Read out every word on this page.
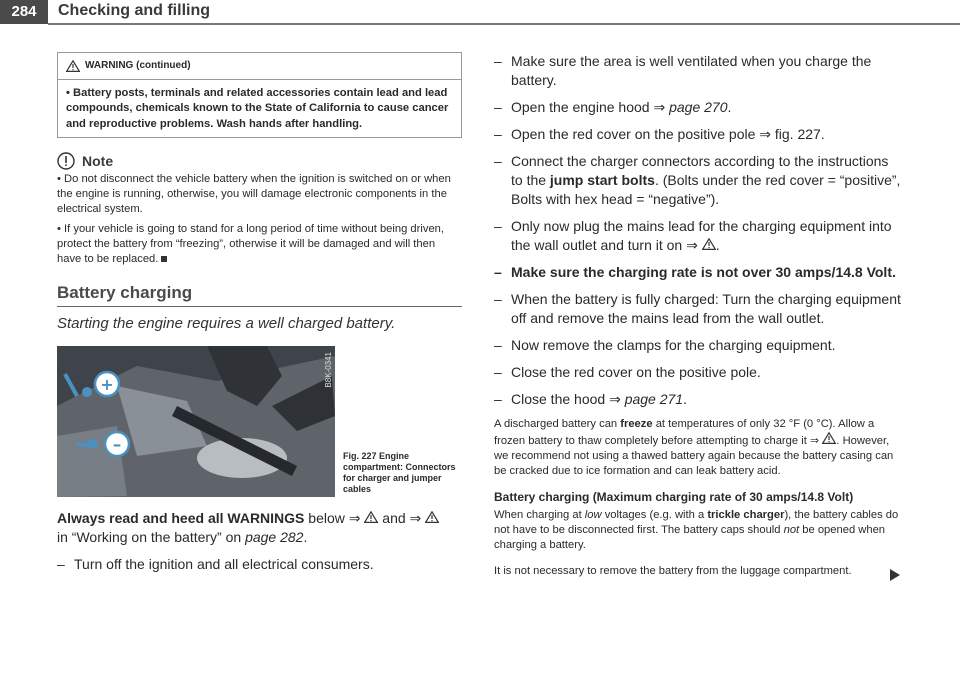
284	Checking and filling
WARNING (continued)
• Battery posts, terminals and related accessories contain lead and lead compounds, chemicals known to the State of California to cause cancer and reproductive problems. Wash hands after handling.
Note

• Do not disconnect the vehicle battery when the ignition is switched on or when the engine is running, otherwise, you will damage electronic components in the electrical system.

• If your vehicle is going to stand for a long period of time without being driven, protect the battery from “freezing”, otherwise it will be damaged and will then have to be replaced.

Battery charging
Starting the engine requires a well charged battery.
+
–
B8K-0341
Fig. 227 Engine compartment: Connectors for charger and jumper cables
Always read and heed all WARNINGS below ⇒  and ⇒
in “Working on the battery” on page 282.
– Turn off the ignition and all electrical consumers.
– Make sure the area is well ventilated when you charge the battery.
– Open the engine hood ⇒ page 270.
– Open the red cover on the positive pole ⇒ fig. 227.
– Connect the charger connectors according to the instructions to the jump start bolts. (Bolts under the red cover = “positive”, Bolts with hex head = “negative”).
– Only now plug the mains lead for the charging equipment into the wall outlet and turn it on ⇒ .
– Make sure the charging rate is not over 30 amps/14.8 Volt.
– When the battery is fully charged: Turn the charging equipment off and remove the mains lead from the wall outlet.
– Now remove the clamps for the charging equipment.
– Close the red cover on the positive pole.
– Close the hood ⇒ page 271.

A discharged battery can freeze at temperatures of only 32 °F (0 °C). Allow a frozen battery to thaw completely before attempting to charge it ⇒ . However, we recommend not using a thawed battery again because the battery casing can be cracked due to ice formation and can leak battery acid.

Battery charging (Maximum charging rate of 30 amps/14.8 Volt)

When charging at low voltages (e.g. with a trickle charger), the battery cables do not have to be disconnected first. The battery caps should not be opened when charging a battery.

It is not necessary to remove the battery from the luggage compartment.
